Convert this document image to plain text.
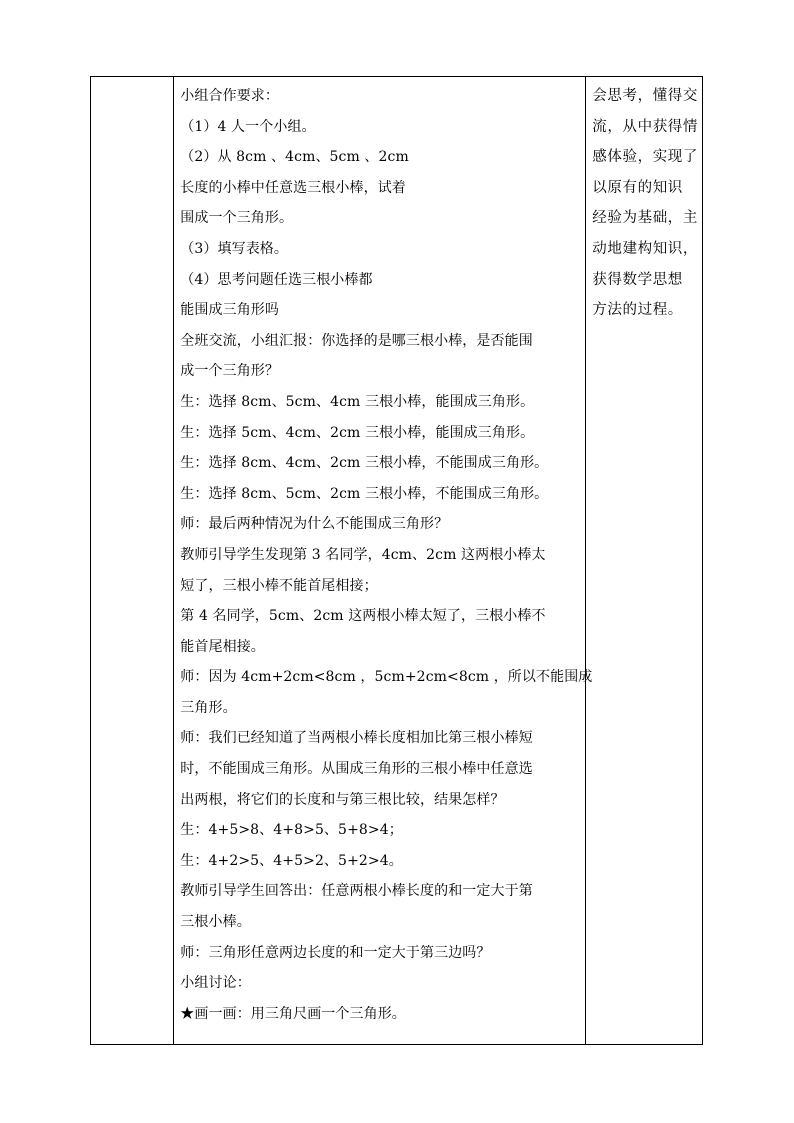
小组合作要求：
（1）4 人一个小组。
（2）从 8cm 、4cm、5cm 、2cm
长度的小棒中任意选三根小棒，试着
围成一个三角形。
（3）填写表格。
（4）思考问题任选三根小棒都
能围成三角形吗
全班交流，小组汇报：你选择的是哪三根小棒，是否能围
成一个三角形？
生：选择 8cm、5cm、4cm 三根小棒，能围成三角形。
生：选择 5cm、4cm、2cm 三根小棒，能围成三角形。
生：选择 8cm、4cm、2cm 三根小棒，不能围成三角形。
生：选择 8cm、5cm、2cm 三根小棒，不能围成三角形。
师：最后两种情况为什么不能围成三角形？
教师引导学生发现第 3 名同学，4cm、2cm 这两根小棒太
短了，三根小棒不能首尾相接；
第 4 名同学，5cm、2cm 这两根小棒太短了，三根小棒不
能首尾相接。
师：因为 4cm+2cm<8cm ，5cm+2cm<8cm ，所以不能围成
三角形。
师：我们已经知道了当两根小棒长度相加比第三根小棒短
时，不能围成三角形。从围成三角形的三根小棒中任意选
出两根，将它们的长度和与第三根比较，结果怎样？
生：4+5>8、4+8>5、5+8>4；
生：4+2>5、4+5>2、5+2>4。
教师引导学生回答出：任意两根小棒长度的和一定大于第
三根小棒。
师：三角形任意两边长度的和一定大于第三边吗？
小组讨论：
★画一画：用三角尺画一个三角形。
会思考，懂得交
流，从中获得情
感体验，实现了
以原有的知识
经验为基础，主
动地建构知识，
获得数学思想
方法的过程。
